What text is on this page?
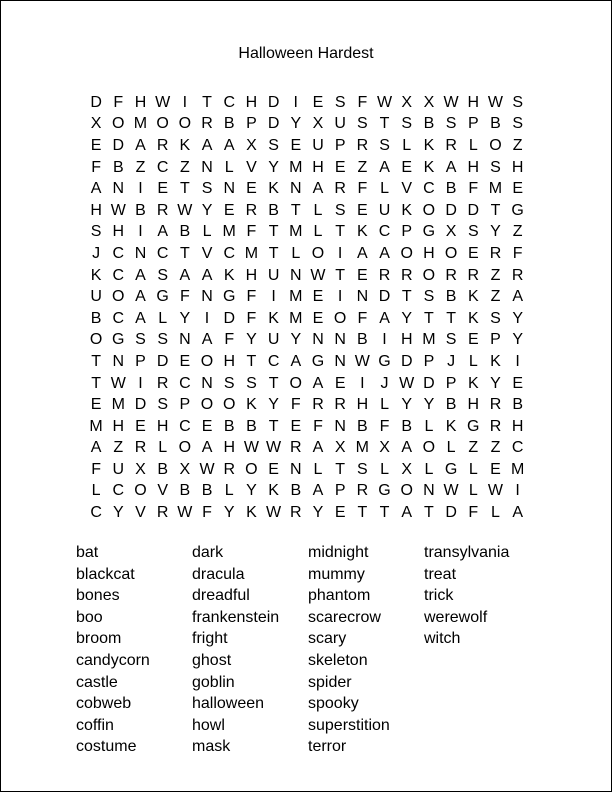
Halloween Hardest
D F H W I T C H D I E S F W X X W H W S
X O M O O R B P D Y X U S T S B S P B S
E D A R K A A X S E U P R S L K R L O Z
F B Z C Z N L V Y M H E Z A E K A H S H
A N I E T S N E K N A R F L V C B F M E
H W B R W Y E R B T L S E U K O D D T G
S H I A B L M F T M L T K C P G X S Y Z
J C N C T V C M T L O I A A O H O E R F
K C A S A A K H U N W T E R R O R R Z R
U O A G F N G F I M E I N D T S B K Z A
B C A L Y I D F K M E O F A Y T T K S Y
O G S S N A F Y U Y N N B I H M S E P Y
T N P D E O H T C A G N W G D P J L K I
T W I R C N S S T O A E I J W D P K Y E
E M D S P O O K Y F R R H L Y Y B H R B
M H E H C E B B T E F N B F B L K G R H
A Z R L O A H W W R A X M X A O L Z Z C
F U X B X W R O E N L T S L X L G L E M
L C O V B B L Y K B A P R G O N W L W I
C Y V R W F Y K W R Y E T T A T D F L A
bat
blackcat
bones
boo
broom
candycorn
castle
cobweb
coffin
costume
dark
dracula
dreadful
frankenstein
fright
ghost
goblin
halloween
howl
mask
midnight
mummy
phantom
scarecrow
scary
skeleton
spider
spooky
superstition
terror
transylvania
treat
trick
werewolf
witch
